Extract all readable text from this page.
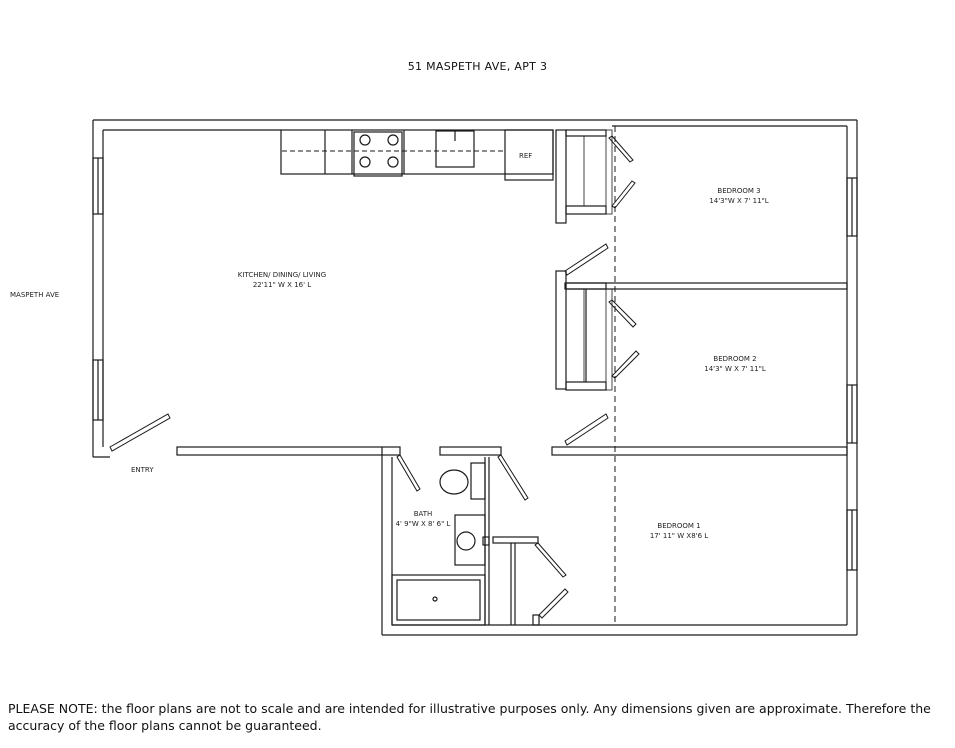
51 MASPETH AVE, APT 3
MASPETH AVE
ENTRY
REF
KITCHEN/ DINING/ LIVING
22'11" W X 16' L
BEDROOM 3
14'3"W X 7' 11"L
BEDROOM 2
14'3" W X 7' 11"L
BEDROOM 1
17' 11" W X8'6 L
BATH
4' 9"W X 8' 6" L
PLEASE NOTE: the floor plans are not to scale and are intended for illustrative purposes only. Any dimensions given are approximate. Therefore the accuracy of the floor plans cannot be guaranteed.
